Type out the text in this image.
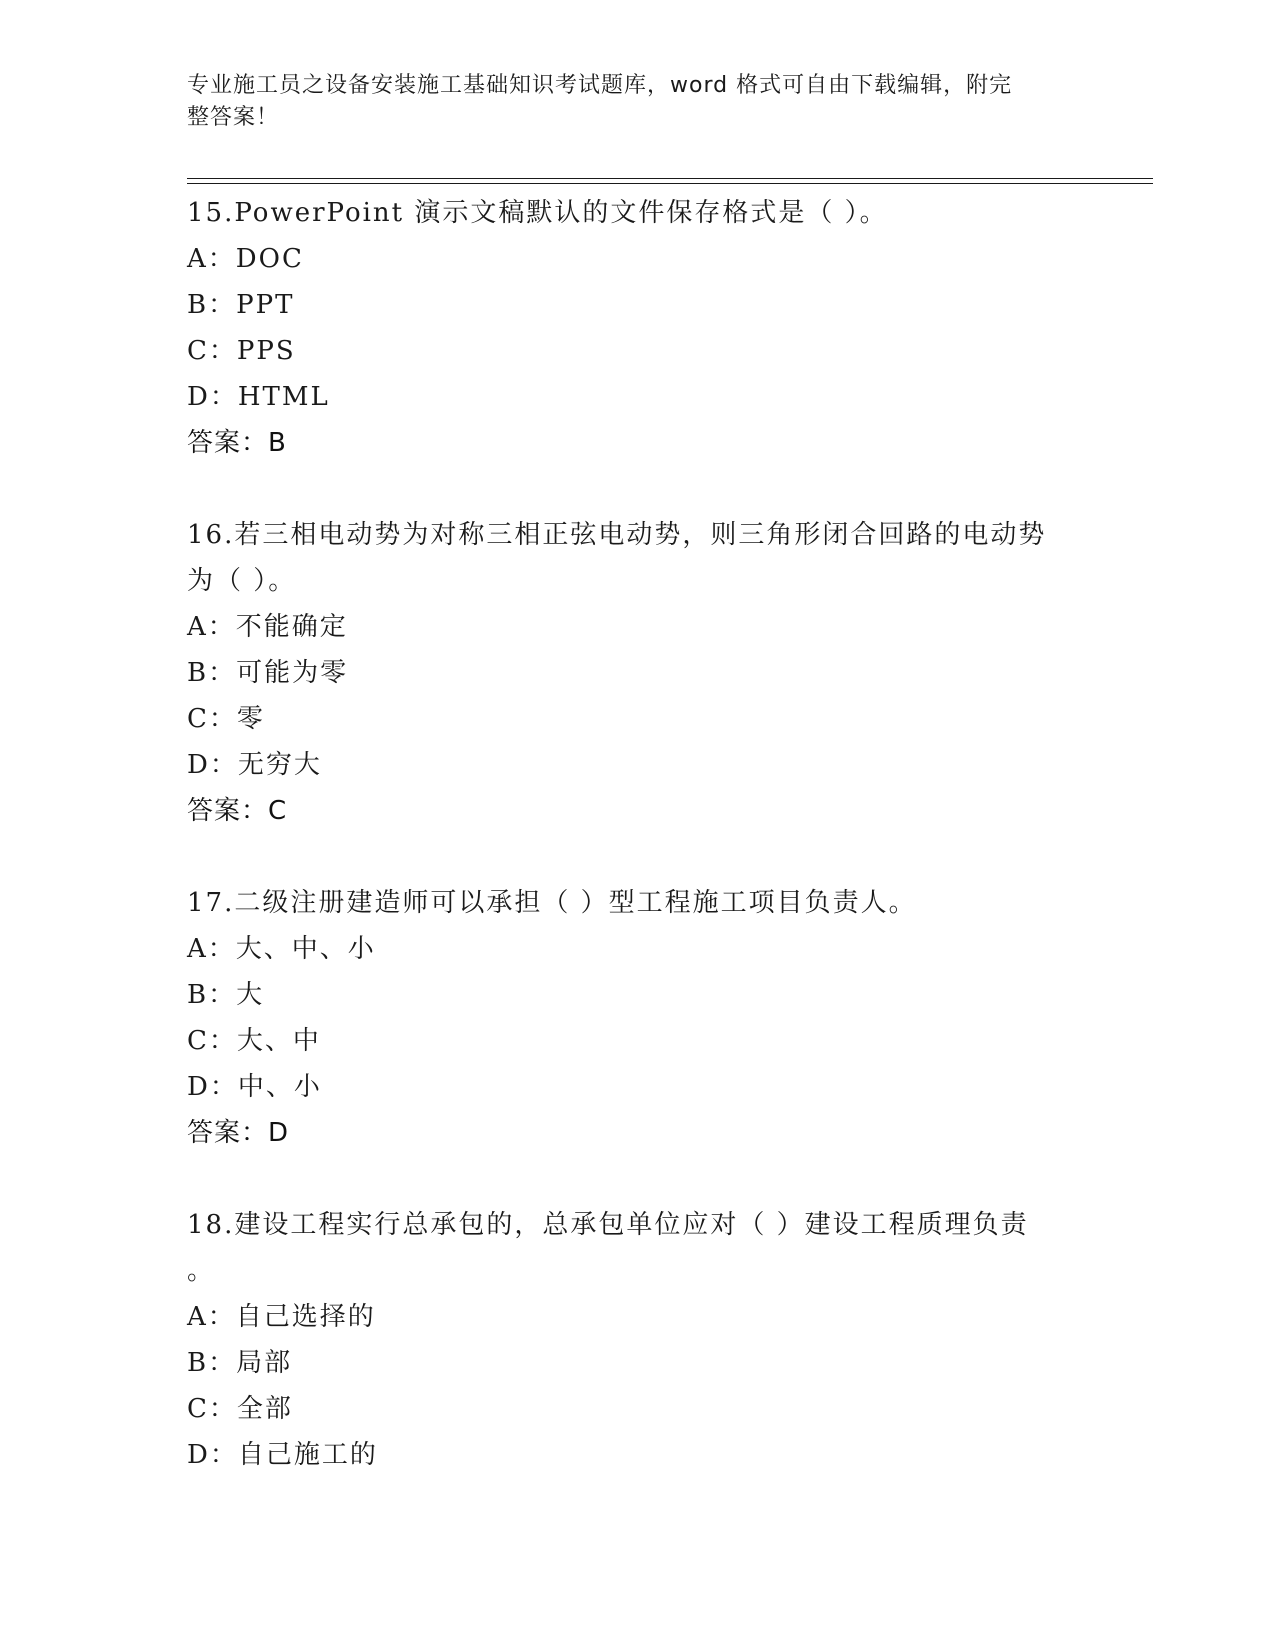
专业施工员之设备安装施工基础知识考试题库，word 格式可自由下载编辑，附完
整答案！
15.PowerPoint 演示文稿默认的文件保存格式是（ ）。
A：DOC
B：PPT
C：PPS
D：HTML
答案：B
16.若三相电动势为对称三相正弦电动势，则三角形闭合回路的电动势
为（ ）。
A：不能确定
B：可能为零
C：零
D：无穷大
答案：C
17.二级注册建造师可以承担（ ）型工程施工项目负责人。
A：大、中、小
B：大
C：大、中
D：中、小
答案：D
18.建设工程实行总承包的，总承包单位应对（ ）建设工程质理负责
。
A：自己选择的
B：局部
C：全部
D：自己施工的
